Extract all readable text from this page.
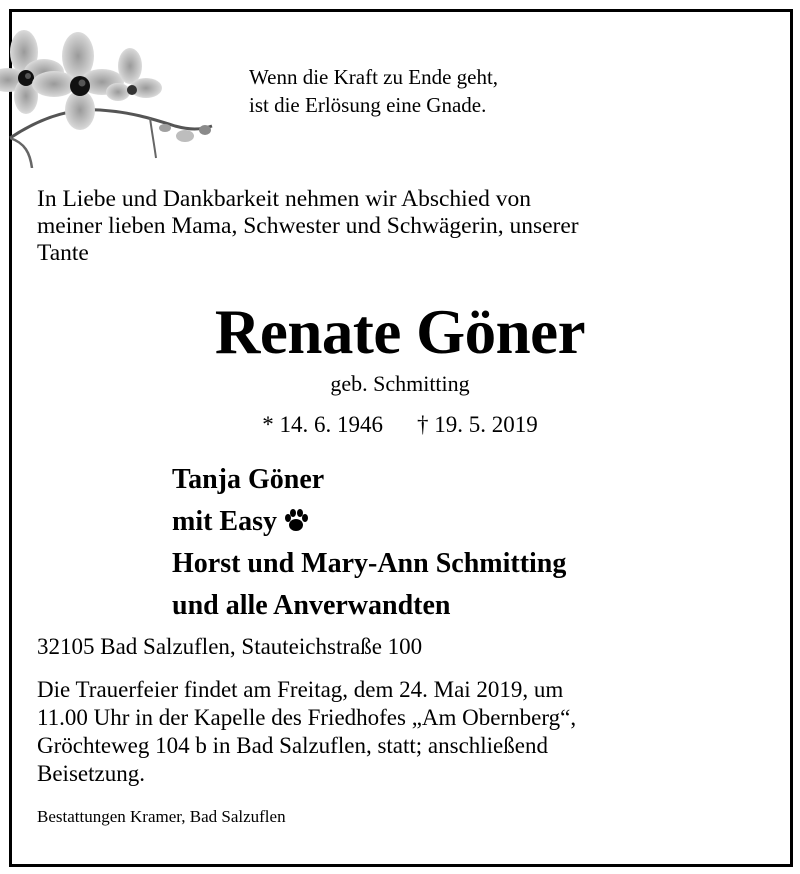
Wenn die Kraft zu Ende geht,
ist die Erlösung eine Gnade.
In Liebe und Dankbarkeit nehmen wir Abschied von
meiner lieben Mama, Schwester und Schwägerin, unserer
Tante
Renate Göner
geb. Schmitting
* 14. 6. 1946 † 19. 5. 2019
Tanja Göner
mit Easy
Horst und Mary-Ann Schmitting
und alle Anverwandten
32105 Bad Salzuflen, Stauteichstraße 100
Die Trauerfeier findet am Freitag, dem 24. Mai 2019, um
11.00 Uhr in der Kapelle des Friedhofes „Am Obernberg“,
Gröchteweg 104 b in Bad Salzuflen, statt; anschließend
Beisetzung.
Bestattungen Kramer, Bad Salzuflen
